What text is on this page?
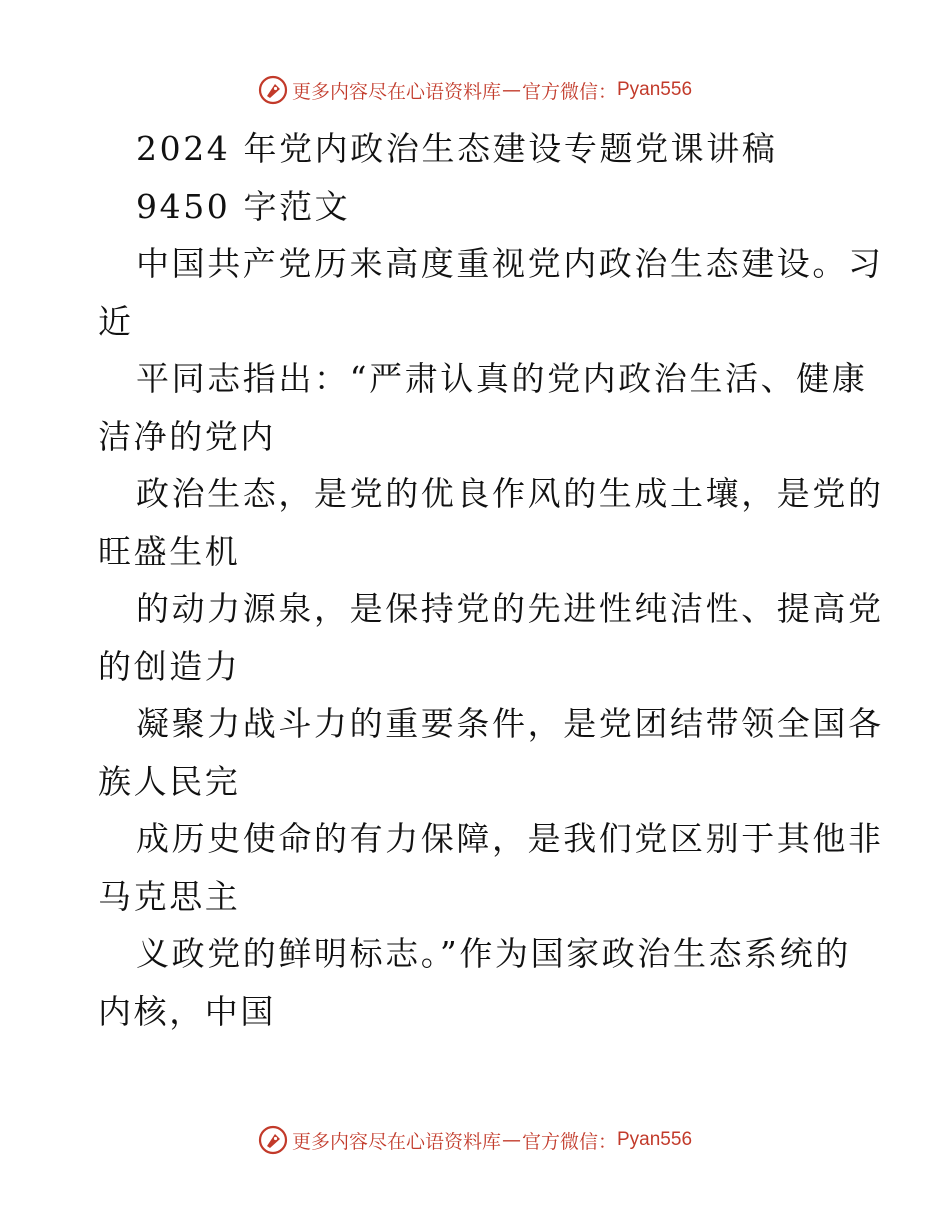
更多内容尽在心语资料库 — 官方微信： Pyan556
2024 年党内政治生态建设专题党课讲稿
9450 字范文
中国共产党历来高度重视党内政治生态建设。习
近
平同志指出：“严肃认真的党内政治生活、健康
洁净的党内
政治生态，是党的优良作风的生成土壤，是党的
旺盛生机
的动力源泉，是保持党的先进性纯洁性、提高党
的创造力
凝聚力战斗力的重要条件，是党团结带领全国各
族人民完
成历史使命的有力保障，是我们党区别于其他非
马克思主
义政党的鲜明标志。”作为国家政治生态系统的
内核，中国
更多内容尽在心语资料库 — 官方微信： Pyan556
